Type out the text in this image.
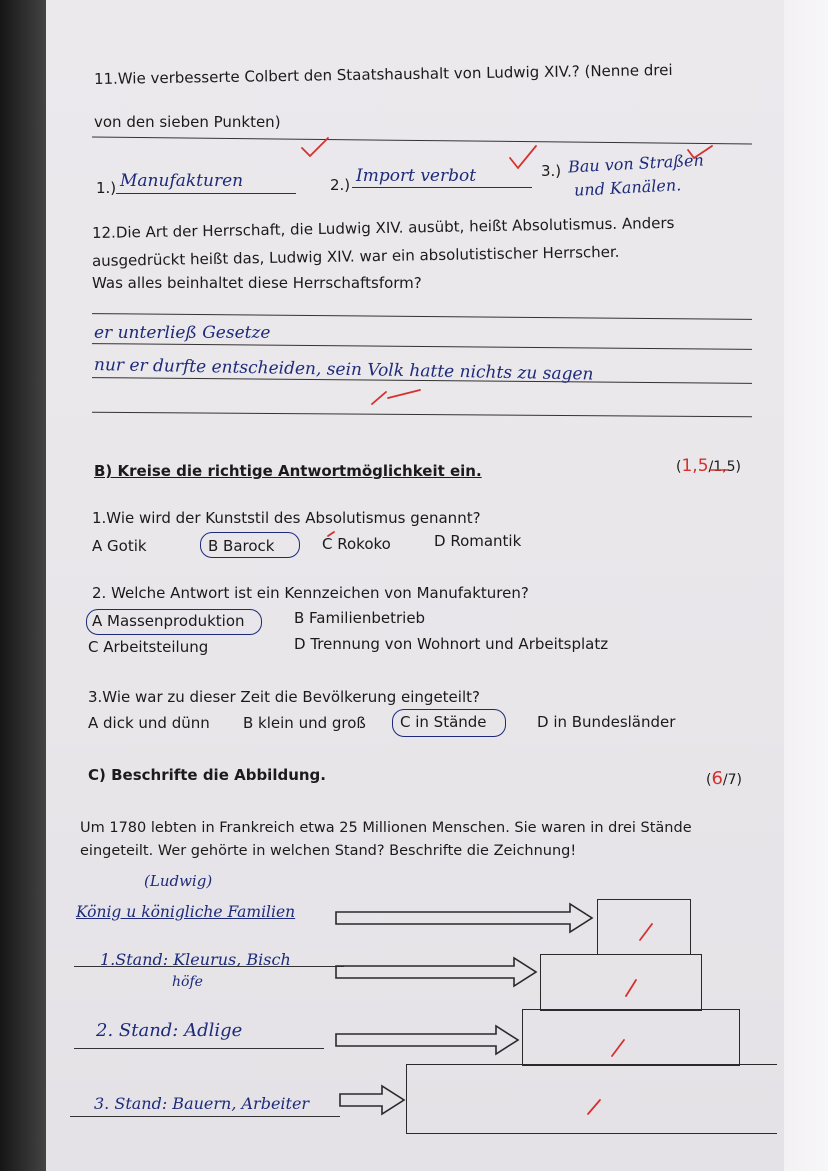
11.Wie verbesserte Colbert den Staatshaushalt von Ludwig XIV.? (Nenne drei
von den sieben Punkten)
1.) Manufakturen	2.) Import verbot	3.) Bau von Straßen
und Kanälen.
12.Die Art der Herrschaft, die Ludwig XIV. ausübt, heißt Absolutismus. Anders
ausgedrückt heißt das, Ludwig XIV. war ein absolutistischer Herrscher.
Was alles beinhaltet diese Herrschaftsform?
er unterließ Gesetze
nur er durfte entscheiden, sein Volk hatte nichts zu sagen
B) Kreise die richtige Antwortmöglichkeit ein.	(1,5/1,5)
1.Wie wird der Kunststil des Absolutismus genannt?
A Gotik	B Barock	C Rokoko	D Romantik
2. Welche Antwort ist ein Kennzeichen von Manufakturen?
A Massenproduktion	B Familienbetrieb
C Arbeitsteilung	D Trennung von Wohnort und Arbeitsplatz
3.Wie war zu dieser Zeit die Bevölkerung eingeteilt?
A dick und dünn B klein und groß C in Stände	D in Bundesländer
C) Beschrifte die Abbildung.	(6/7)
Um 1780 lebten in Frankreich etwa 25 Millionen Menschen. Sie waren in drei Stände
eingeteilt. Wer gehörte in welchen Stand? Beschrifte die Zeichnung!
(Ludwig)
König u königliche Familien
1.Stand: Kleurus, Bisch
höfe
2. Stand: Adlige
3. Stand: Bauern, Arbeiter
